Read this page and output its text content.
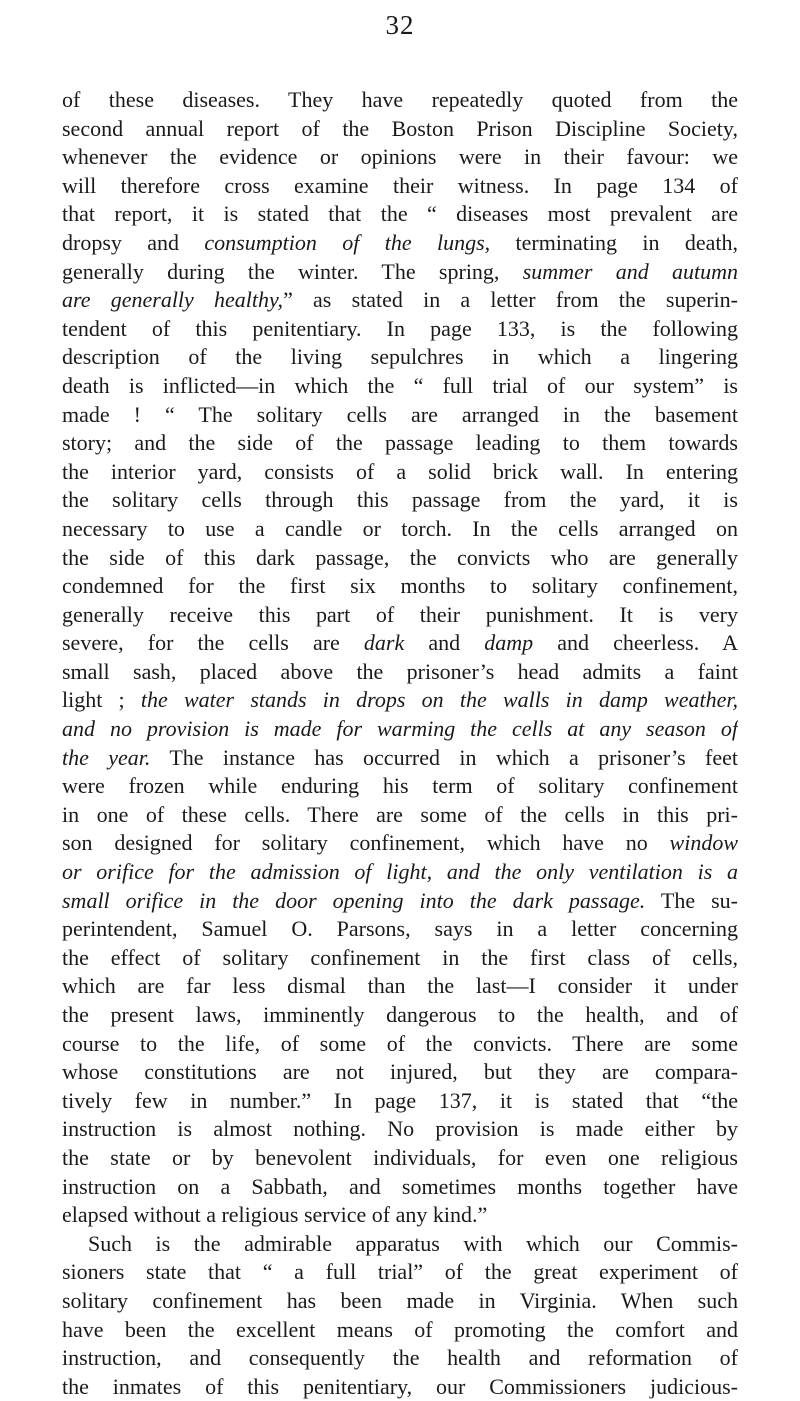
32
of these diseases. They have repeatedly quoted from the
second annual report of the Boston Prison Discipline Society,
whenever the evidence or opinions were in their favour: we
will therefore cross examine their witness. In page 134 of
that report, it is stated that the “ diseases most prevalent are
dropsy and consumption of the lungs, terminating in death,
generally during the winter. The spring, summer and autumn
are generally healthy,” as stated in a letter from the superin-
tendent of this penitentiary. In page 133, is the following
description of the living sepulchres in which a lingering
death is inflicted—in which the “ full trial of our system” is
made ! “ The solitary cells are arranged in the basement
story; and the side of the passage leading to them towards
the interior yard, consists of a solid brick wall. In entering
the solitary cells through this passage from the yard, it is
necessary to use a candle or torch. In the cells arranged on
the side of this dark passage, the convicts who are generally
condemned for the first six months to solitary confinement,
generally receive this part of their punishment. It is very
severe, for the cells are dark and damp and cheerless. A
small sash, placed above the prisoner’s head admits a faint
light ; the water stands in drops on the walls in damp weather,
and no provision is made for warming the cells at any season of
the year. The instance has occurred in which a prisoner’s feet
were frozen while enduring his term of solitary confinement
in one of these cells. There are some of the cells in this pri-
son designed for solitary confinement, which have no window
or orifice for the admission of light, and the only ventilation is a
small orifice in the door opening into the dark passage. The su-
perintendent, Samuel O. Parsons, says in a letter concerning
the effect of solitary confinement in the first class of cells,
which are far less dismal than the last—I consider it under
the present laws, imminently dangerous to the health, and of
course to the life, of some of the convicts. There are some
whose constitutions are not injured, but they are compara-
tively few in number.” In page 137, it is stated that “the
instruction is almost nothing. No provision is made either by
the state or by benevolent individuals, for even one religious
instruction on a Sabbath, and sometimes months together have
elapsed without a religious service of any kind.”
Such is the admirable apparatus with which our Commis-
sioners state that “ a full trial” of the great experiment of
solitary confinement has been made in Virginia. When such
have been the excellent means of promoting the comfort and
instruction, and consequently the health and reformation of
the inmates of this penitentiary, our Commissioners judicious-
